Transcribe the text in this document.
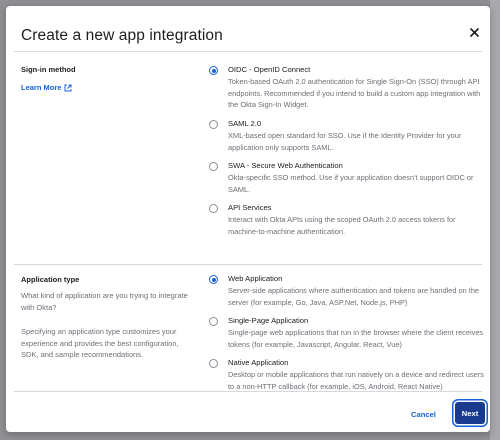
Create a new app integration
Sign-in method
Learn More
OIDC - OpenID Connect
Token-based OAuth 2.0 authentication for Single Sign-On (SSO) through API endpoints. Recommended if you intend to build a custom app integration with the Okta Sign-In Widget.
SAML 2.0
XML-based open standard for SSO. Use if the Identity Provider for your application only supports SAML.
SWA - Secure Web Authentication
Okta-specific SSO method. Use if your application doesn't support OIDC or SAML.
API Services
Interact with Okta APIs using the scoped OAuth 2.0 access tokens for machine-to-machine authentication.
Application type
What kind of application are you trying to integrate with Okta?
Specifying an application type customizes your experience and provides the best configuration, SDK, and sample recommendations.
Web Application
Server-side applications where authentication and tokens are handled on the server (for example, Go, Java, ASP.Net, Node.js, PHP)
Single-Page Application
Single-page web applications that run in the browser where the client receives tokens (for example, Javascript, Angular, React, Vue)
Native Application
Desktop or mobile applications that run natively on a device and redirect users to a non-HTTP callback (for example, iOS, Android, React Native)
Cancel	Next
